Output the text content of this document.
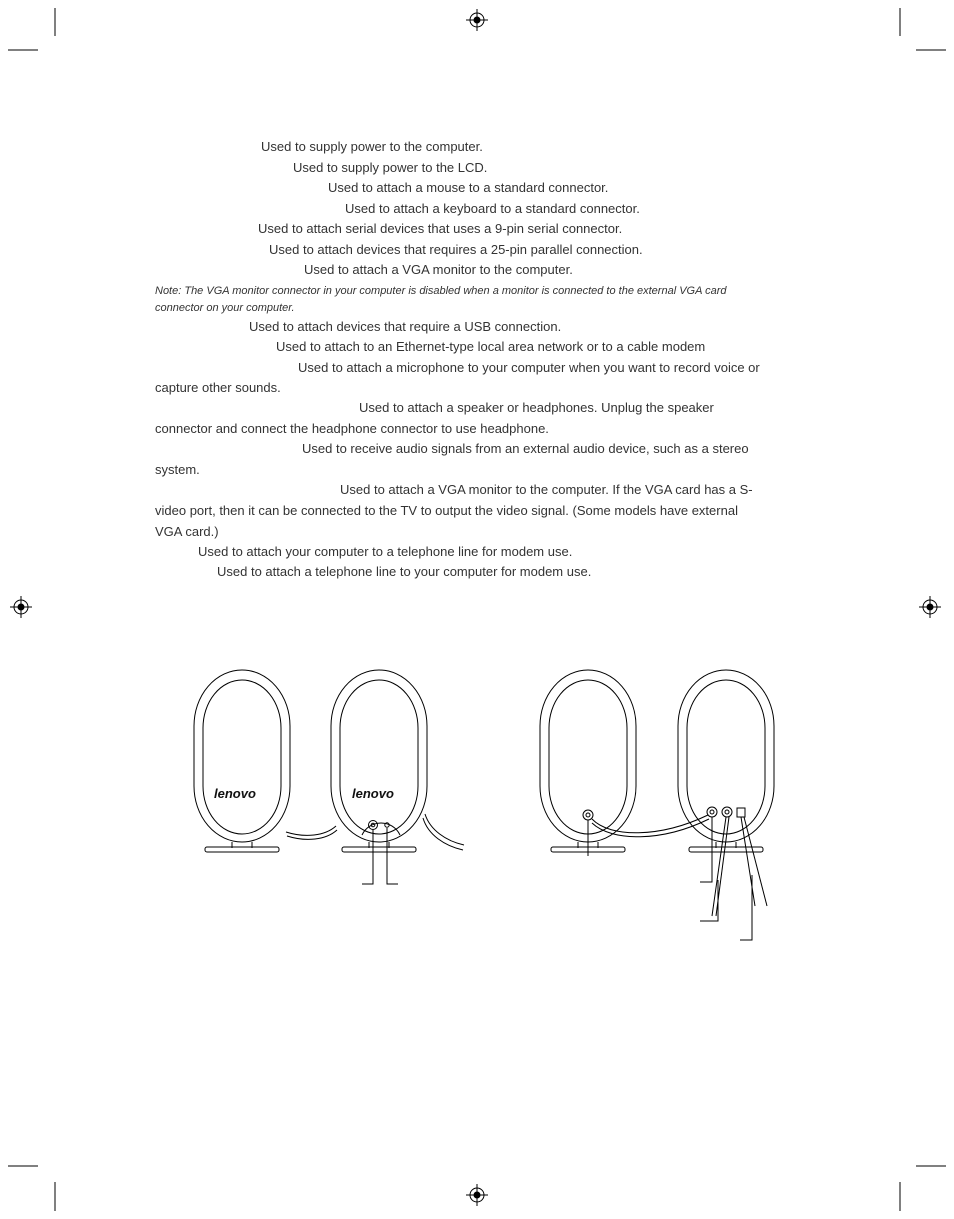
Used to supply power to the computer.
Used to supply power to the LCD.
Used to attach a mouse to a standard connector.
Used to attach a keyboard to a standard connector.
Used to attach serial devices that uses a 9-pin serial connector.
Used to attach devices that requires a 25-pin parallel connection.
Used to attach a VGA monitor to the computer.
Note: The VGA monitor connector in your computer is disabled when a monitor is connected to the external VGA card
connector on your computer.
Used to attach devices that require a USB connection.
Used to attach to an Ethernet-type local area network or to a cable modem
Used to attach a microphone to your computer when you want to record voice or
capture other sounds.
Used to attach a speaker or headphones. Unplug the speaker
connector and connect the headphone connector to use headphone.
Used to receive audio signals from an external audio device, such as a stereo
system.
Used to attach a VGA monitor to the computer. If the VGA card has a S-
video port, then it can be connected to the TV to output the video signal. (Some models have external
VGA card.)
Used to attach your computer to a telephone line for modem use.
Used to attach a telephone line to your computer for modem use.
lenovo	lenovo
